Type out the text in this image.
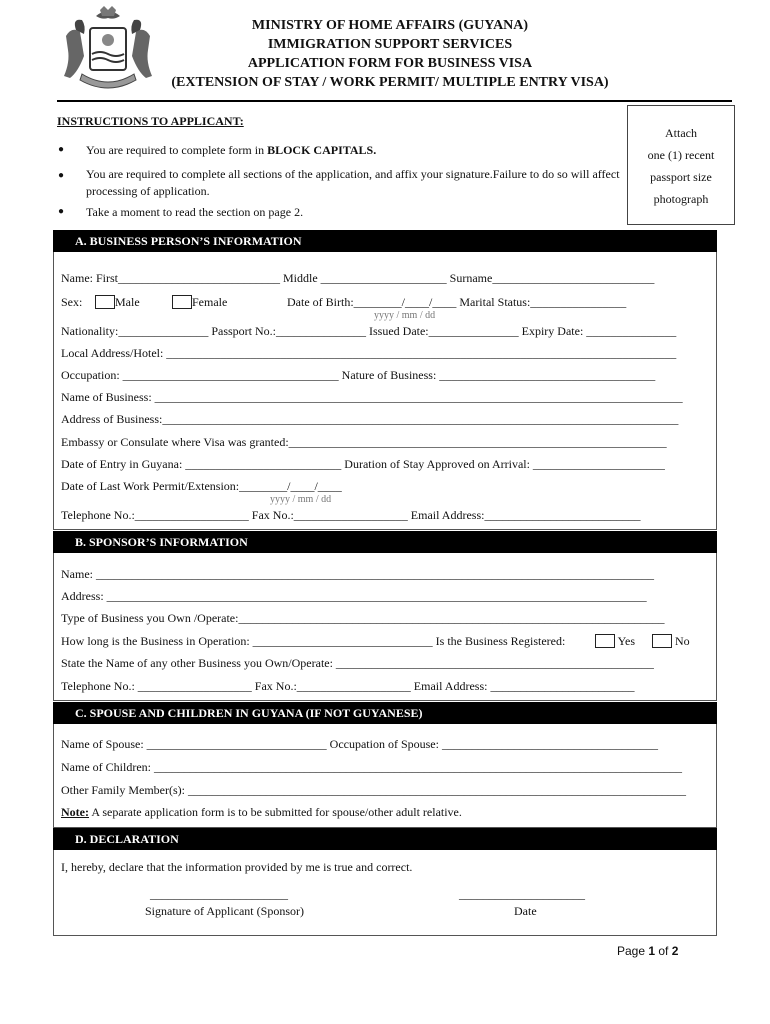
MINISTRY OF HOME AFFAIRS (GUYANA)
IMMIGRATION SUPPORT SERVICES
APPLICATION FORM FOR BUSINESS VISA
(EXTENSION OF STAY / WORK PERMIT/ MULTIPLE ENTRY VISA)
Attach
one (1) recent
passport size
photograph
INSTRUCTIONS TO APPLICANT:
● You are required to complete form in BLOCK CAPITALS.
● You are required to complete all sections of the application, and affix your signature.Failure to do so will affect processing of application.
● Take a moment to read the section on page 2.
A. BUSINESS PERSON’S INFORMATION
Name: First___________________________ Middle _____________________ Surname___________________________
Sex:	Male	Female	Date of Birth:________/____/____ Marital Status:________________
yyyy / mm / dd
Nationality:_______________ Passport No.:_______________ Issued Date:_______________ Expiry Date: _______________
Local Address/Hotel: _____________________________________________________________________________________
Occupation: ____________________________________ Nature of Business: ____________________________________
Name of Business: ________________________________________________________________________________________
Address of Business:______________________________________________________________________________________
Embassy or Consulate where Visa was granted:_______________________________________________________________
Date of Entry in Guyana: __________________________ Duration of Stay Approved on Arrival: ______________________
Date of Last Work Permit/Extension:________/____/____
yyyy / mm / dd
Telephone No.:___________________ Fax No.:___________________ Email Address:__________________________
B. SPONSOR’S INFORMATION
Name: _____________________________________________________________________________________________
Address: __________________________________________________________________________________________
Type of Business you Own /Operate:_______________________________________________________________________
How long is the Business in Operation: ______________________________ Is the Business Registered:	Yes	No
State the Name of any other Business you Own/Operate: _____________________________________________________
Telephone No.: ___________________ Fax No.:___________________ Email Address: ________________________
C. SPOUSE AND CHILDREN IN GUYANA (IF NOT GUYANESE)
Name of Spouse: ______________________________ Occupation of Spouse: ____________________________________
Name of Children: ________________________________________________________________________________________
Other Family Member(s): ___________________________________________________________________________________
Note: A separate application form is to be submitted for spouse/other adult relative.
D. DECLARATION
I, hereby, declare that the information provided by me is true and correct.
_______________________	_____________________
Signature of Applicant (Sponsor)	Date
Page 1 of 2
